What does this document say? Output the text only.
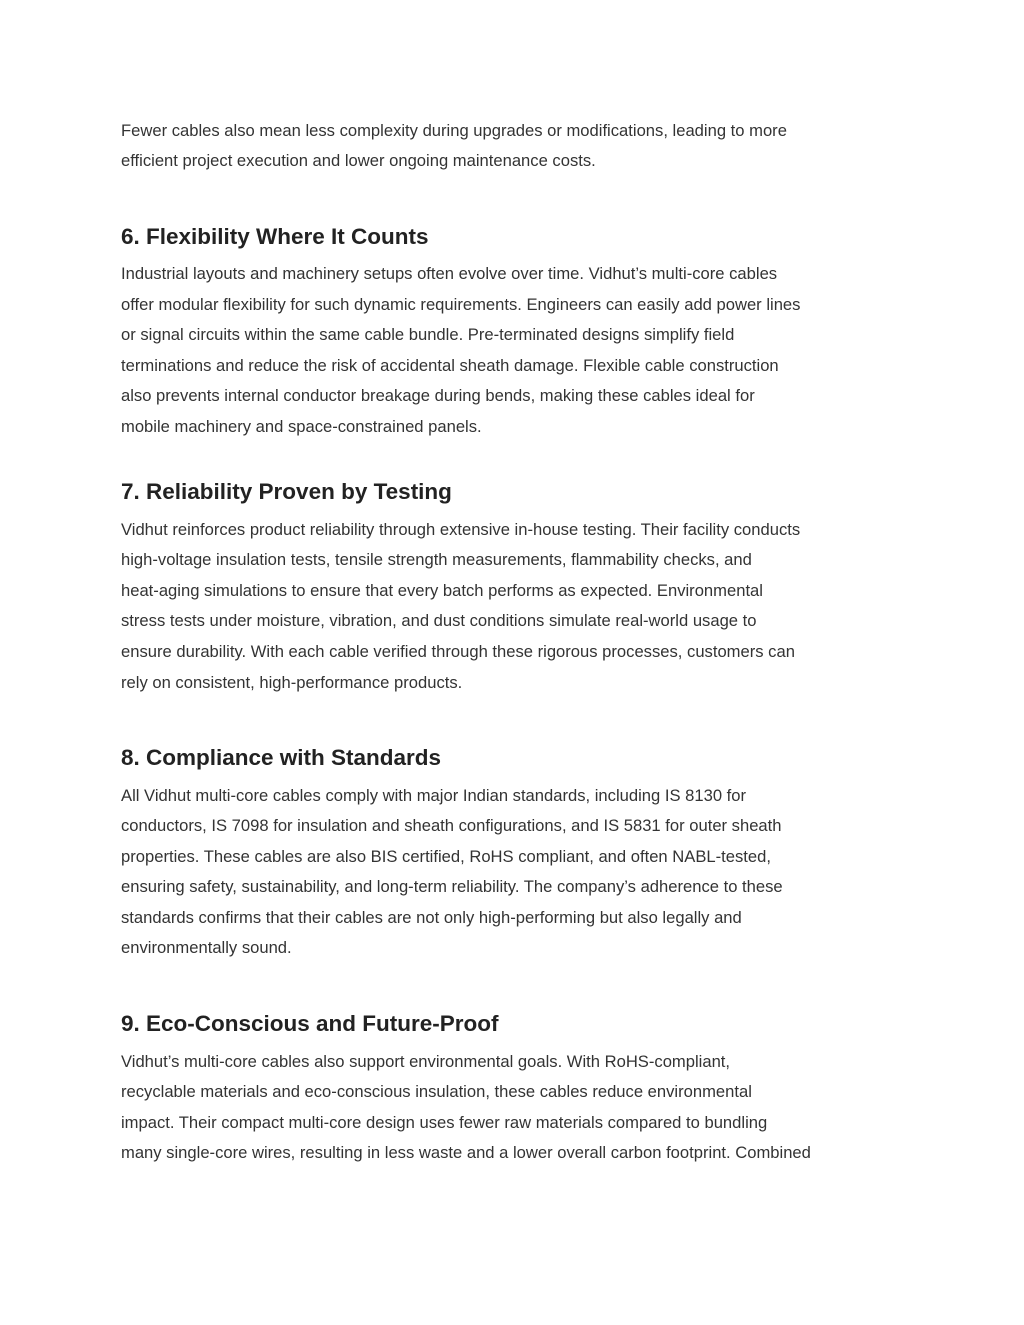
Fewer cables also mean less complexity during upgrades or modifications, leading to more
efficient project execution and lower ongoing maintenance costs.
6. Flexibility Where It Counts
Industrial layouts and machinery setups often evolve over time. Vidhut’s multi-core cables
offer modular flexibility for such dynamic requirements. Engineers can easily add power lines
or signal circuits within the same cable bundle. Pre-terminated designs simplify field
terminations and reduce the risk of accidental sheath damage. Flexible cable construction
also prevents internal conductor breakage during bends, making these cables ideal for
mobile machinery and space-constrained panels.
7. Reliability Proven by Testing
Vidhut reinforces product reliability through extensive in-house testing. Their facility conducts
high-voltage insulation tests, tensile strength measurements, flammability checks, and
heat-aging simulations to ensure that every batch performs as expected. Environmental
stress tests under moisture, vibration, and dust conditions simulate real-world usage to
ensure durability. With each cable verified through these rigorous processes, customers can
rely on consistent, high-performance products.
8. Compliance with Standards
All Vidhut multi-core cables comply with major Indian standards, including IS 8130 for
conductors, IS 7098 for insulation and sheath configurations, and IS 5831 for outer sheath
properties. These cables are also BIS certified, RoHS compliant, and often NABL-tested,
ensuring safety, sustainability, and long-term reliability. The company’s adherence to these
standards confirms that their cables are not only high-performing but also legally and
environmentally sound.
9. Eco-Conscious and Future-Proof
Vidhut’s multi-core cables also support environmental goals. With RoHS-compliant,
recyclable materials and eco-conscious insulation, these cables reduce environmental
impact. Their compact multi-core design uses fewer raw materials compared to bundling
many single-core wires, resulting in less waste and a lower overall carbon footprint. Combined
